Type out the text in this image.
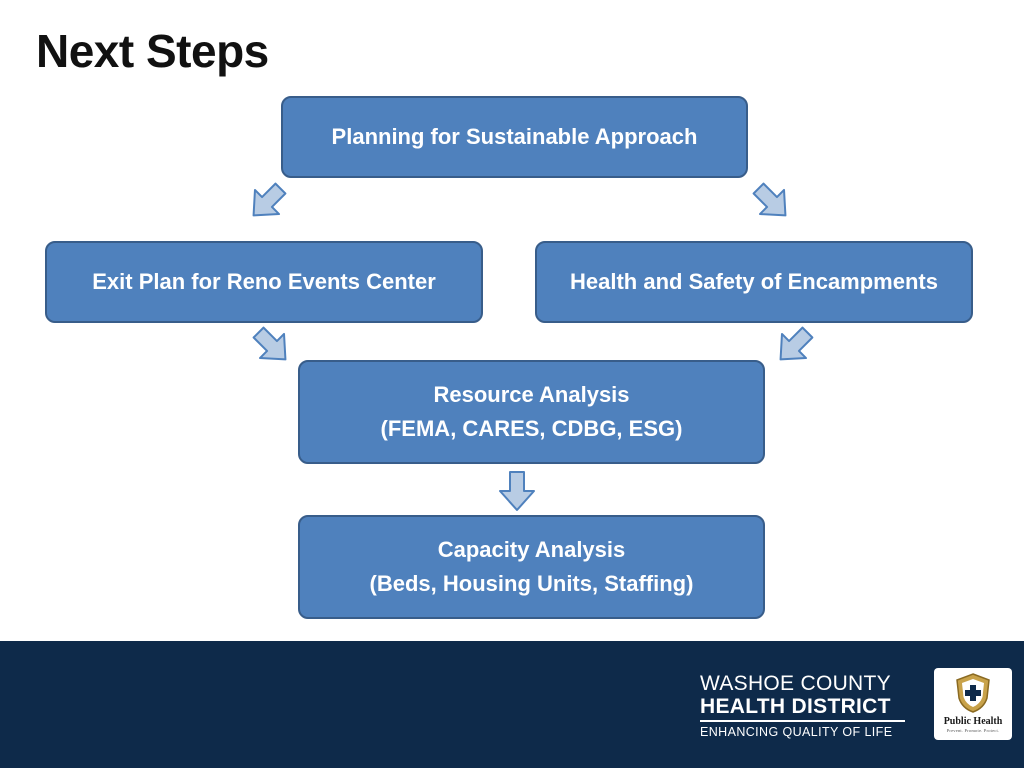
Next Steps
Planning for Sustainable Approach
Exit Plan for Reno Events Center	Health and Safety of Encampments
Resource Analysis
(FEMA, CARES, CDBG, ESG)
Capacity Analysis
(Beds, Housing Units, Staffing)
WASHOE COUNTY
HEALTH DISTRICT
ENHANCING QUALITY OF LIFE
Public Health
Prevent. Promote. Protect.
